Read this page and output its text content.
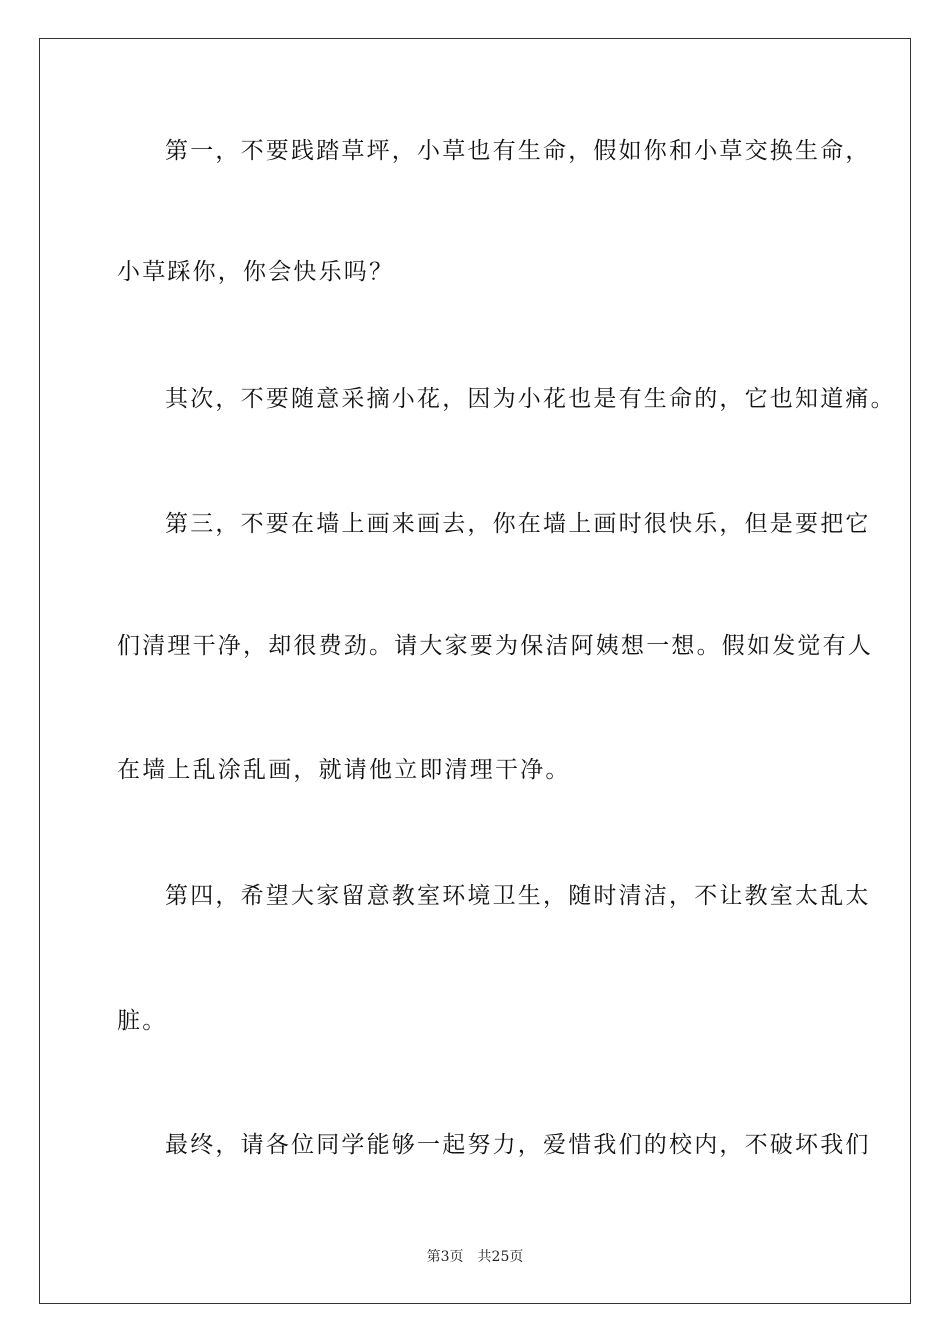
第一，不要践踏草坪，小草也有生命，假如你和小草交换生命，
小草踩你，你会快乐吗？
其次，不要随意采摘小花，因为小花也是有生命的，它也知道痛。
第三，不要在墙上画来画去，你在墙上画时很快乐，但是要把它
们清理干净，却很费劲。请大家要为保洁阿姨想一想。假如发觉有人
在墙上乱涂乱画，就请他立即清理干净。
第四，希望大家留意教室环境卫生，随时清洁，不让教室太乱太
脏。
最终，请各位同学能够一起努力，爱惜我们的校内，不破坏我们
第3页 共25页
